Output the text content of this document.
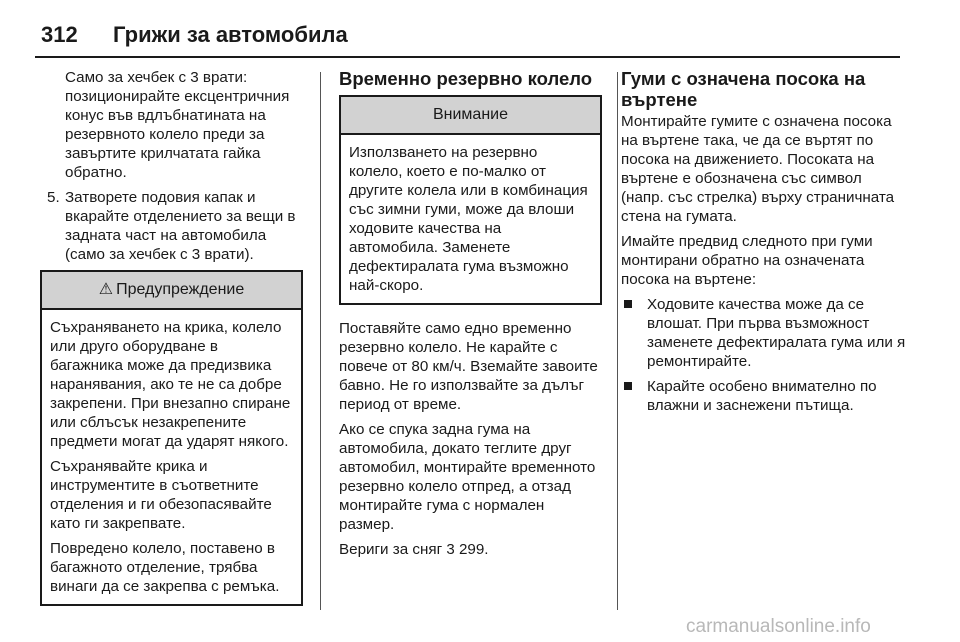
312 Грижи за автомобила

Само за хечбек с 3 врати: позиционирайте ексцентричния конус във вдлъбнатината на резервното колело преди за завъртите крилчатата гайка обратно.

5. Затворете подовия капак и вкарайте отделението за вещи в задната част на автомобила (само за хечбек с 3 врати).
⚠ Предупреждение

Съхраняването на крика, колело или друго оборудване в багажника може да предизвика наранявания, ако те не са добре закрепени. При внезапно спиране или сблъсък незакрепените предмети могат да ударят някого.

Съхранявайте крика и инструментите в съответните отделения и ги обезопасявайте като ги закрепвате.

Повредено колело, поставено в багажното отделение, трябва винаги да се закрепва с ремъка.

Временно резервно колело
Внимание

Използването на резервно колело, което е по-малко от другите колела или в комбинация със зимни гуми, може да влоши ходовите качества на автомобила. Заменете дефектиралата гума възможно най-скоро.

Поставяйте само едно временно резервно колело. Не карайте с повече от 80 км/ч. Вземайте завоите бавно. Не го използвайте за дълъг период от време.

Ако се спука задна гума на автомобила, докато теглите друг автомобил, монтирайте временното резервно колело отпред, а отзад монтирайте гума с нормален размер.

Вериги за сняг 3 299.

Гуми с означена посока на въртене

Монтирайте гумите с означена посока на въртене така, че да се въртят по посока на движението. Посоката на въртене е обозначена със символ (напр. със стрелка) върху страничната стена на гумата.

Имайте предвид следното при гуми монтирани обратно на означената посока на въртене:

Ходовите качества може да се влошат. При първа възможност заменете дефектиралата гума или я ремонтирайте.
Карайте особено внимателно по влажни и заснежени пътища.
carmanualsonline.info
